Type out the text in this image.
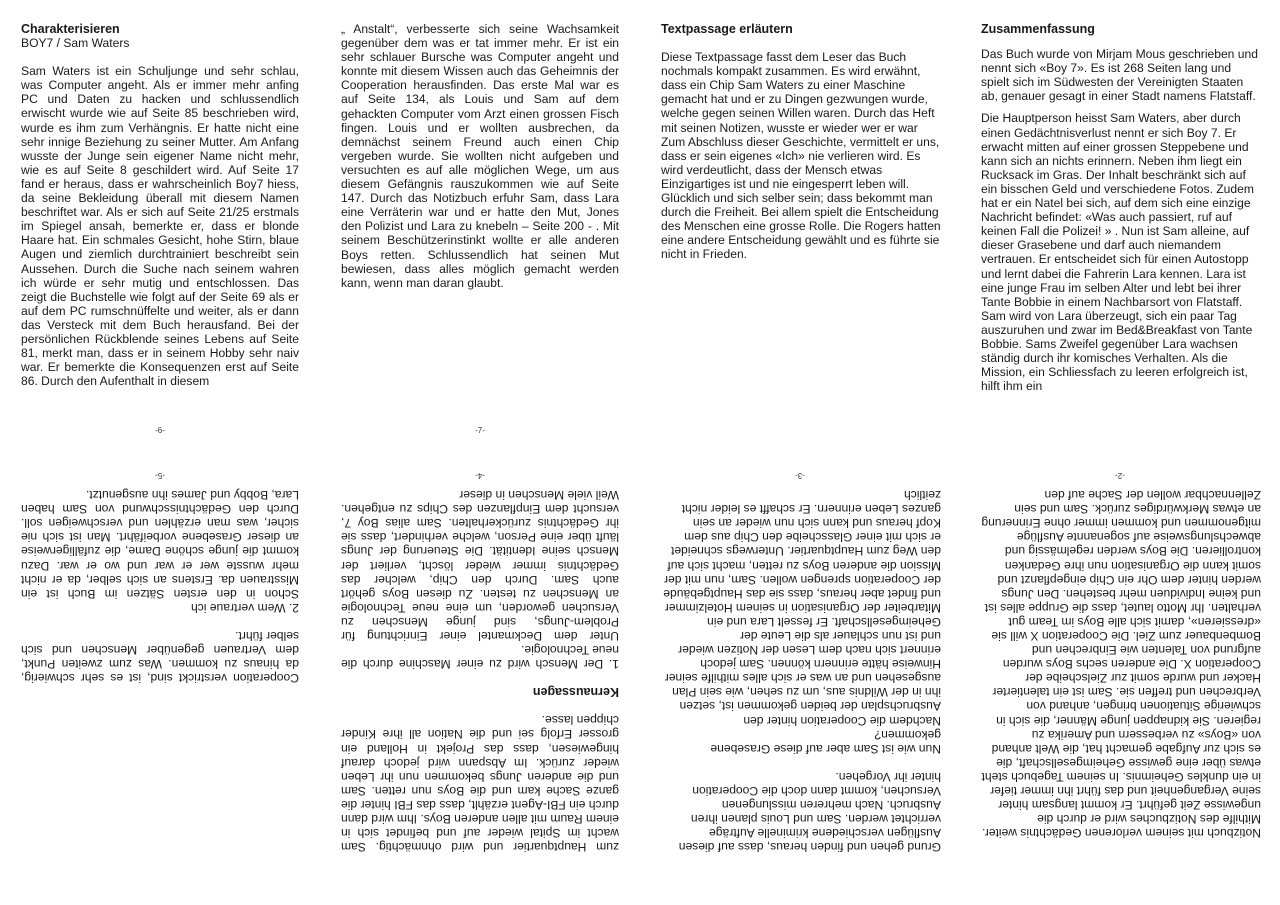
Charakterisieren
BOY7 / Sam Waters

Sam Waters ist ein Schuljunge und sehr schlau, was Computer angeht. Als er immer mehr anfing PC und Daten zu hacken und schlussendlich erwischt wurde wie auf Seite 85 beschrieben wird, wurde es ihm zum Verhängnis. Er hatte nicht eine sehr innige Beziehung zu seiner Mutter. Am Anfang wusste der Junge sein eigener Name nicht mehr, wie es auf Seite 8 geschildert wird. Auf Seite 17 fand er heraus, dass er wahrscheinlich Boy7 hiess, da seine Bekleidung überall mit diesem Namen beschriftet war. Als er sich auf Seite 21/25 erstmals im Spiegel ansah, bemerkte er, dass er blonde Haare hat. Ein schmales Gesicht, hohe Stirn, blaue Augen und ziemlich durchtrainiert beschreibt sein Aussehen. Durch die Suche nach seinem wahren ich würde er sehr mutig und entschlossen. Das zeigt die Buchstelle wie folgt auf der Seite 69 als er auf dem PC rumschnüffelte und weiter, als er dann das Versteck mit dem Buch herausfand. Bei der persönlichen Rückblende seines Lebens auf Seite 81, merkt man, dass er in seinem Hobby sehr naiv war. Er bemerkte die Konsequenzen erst auf Seite 86. Durch den Aufenthalt in diesem

-6-

„ Anstalt“, verbesserte sich seine Wachsamkeit gegenüber dem was er tat immer mehr. Er ist ein sehr schlauer Bursche was Computer angeht und konnte mit diesem Wissen auch das Geheimnis der Cooperation herausfinden. Das erste Mal war es auf Seite 134, als Louis und Sam auf dem gehackten Computer vom Arzt einen grossen Fisch fingen. Louis und er wollten ausbrechen, da demnächst seinem Freund auch einen Chip vergeben wurde. Sie wollten nicht aufgeben und versuchten es auf alle möglichen Wege, um aus diesem Gefängnis rauszukommen wie auf Seite 147. Durch das Notizbuch erfuhr Sam, dass Lara eine Verräterin war und er hatte den Mut, Jones den Polizist und Lara zu knebeln – Seite 200 - . Mit seinem Beschützerinstinkt wollte er alle anderen Boys retten. Schlussendlich hat seinen Mut bewiesen, dass alles möglich gemacht werden kann, wenn man daran glaubt.

-7-
Textpassage erläutern

Diese Textpassage fasst dem Leser das Buch nochmals kompakt zusammen. Es wird erwähnt, dass ein Chip Sam Waters zu einer Maschine gemacht hat und er zu Dingen gezwungen wurde, welche gegen seinen Willen waren. Durch das Heft mit seinen Notizen, wusste er wieder wer er war Zum Abschluss dieser Geschichte, vermittelt er uns, dass er sein eigenes «Ich» nie verlieren wird. Es wird verdeutlicht, dass der Mensch etwas Einzigartiges ist und nie eingesperrt leben will. Glücklich und sich selber sein; dass bekommt man durch die Freiheit. Bei allem spielt die Entscheidung des Menschen eine grosse Rolle. Die Rogers hatten eine andere Entscheidung gewählt und es führte sie nicht in Frieden.

Zusammenfassung

Das Buch wurde von Mirjam Mous geschrieben und nennt sich «Boy 7». Es ist 268 Seiten lang und spielt sich im Südwesten der Vereinigten Staaten ab, genauer gesagt in einer Stadt namens Flatstaff.

Die Hauptperson heisst Sam Waters, aber durch einen Gedächtnisverlust nennt er sich Boy 7. Er erwacht mitten auf einer grossen Steppebene und kann sich an nichts erinnern. Neben ihm liegt ein Rucksack im Gras. Der Inhalt beschränkt sich auf ein bisschen Geld und verschiedene Fotos. Zudem hat er ein Natel bei sich, auf dem sich eine einzige Nachricht befindet: «Was auch passiert, ruf auf keinen Fall die Polizei! » . Nun ist Sam alleine, auf dieser Grasebene und darf auch niemandem vertrauen. Er entscheidet sich für einen Autostopp und lernt dabei die Fahrerin Lara kennen. Lara ist eine junge Frau im selben Alter und lebt bei ihrer Tante Bobbie in einem Nachbarsort von Flatstaff. Sam wird von Lara überzeugt, sich ein paar Tag auszuruhen und zwar im Bed&Breakfast von Tante Bobbie. Sams Zweifel gegenüber Lara wachsen ständig durch ihr komisches Verhalten. Als die Mission, ein Schliessfach zu leeren erfolgreich ist, hilft ihm ein

-5-

Cooperation verstrickt sind, ist es sehr schwierig, da hinaus zu kommen. Was zum zweiten Punkt, dem Vertrauen gegenüber Menschen und sich selber führt.

2. Wem vertraue ich
Schon in den ersten Sätzen im Buch ist ein Misstrauen da. Erstens an sich selber, da er nicht mehr wusste wer er war und wo er war. Dazu kommt die junge schöne Dame, die zufälligerweise an dieser Grasebene vorbeifährt. Man ist sich nie sicher, was man erzählen und verschweigen soll. Durch den Gedächtnisschwund von Sam haben Lara, Bobby und James ihn ausgenutzt.

-4-

zum Hauptquartier und wird ohnmächtig. Sam wacht im Spital wieder auf und befindet sich in einem Raum mit allen anderen Boys. Ihm wird dann durch ein FBI-Agent erzählt, dass das FBI hinter die ganze Sache kam und die Boys nun retten. Sam und die anderen Jungs bekommen nun ihr Leben wieder zurück. Im Abspann wird jedoch darauf hingewiesen, dass das Projekt in Holland ein grosser Erfolg sei und die Nation all ihre Kinder chippen lasse.

Kernaussagen

1. Der Mensch wird zu einer Maschine durch die neue Technologie.
Unter dem Deckmantel einer Einrichtung für Problem-Jungs, sind junge Menschen zu Versuchen geworden, um eine neue Technologie an Menschen zu testen. Zu diesen Boys gehört auch Sam. Durch den Chip, welcher das Gedächtnis immer wieder löscht, verliert der Mensch seine Identität. Die Steuerung der Jungs läuft über eine Person, welche verhindert, dass sie ihr Gedächtnis zurückerhalten. Sam alias Boy 7, versucht dem Einpflanzen des Chips zu entgehen. Weil viele Menschen in dieser

-3-

Grund gehen und finden heraus, dass auf diesen Ausflügen verschiedene kriminelle Aufträge verrichtet werden. Sam und Louis planen ihren Ausbruch. Nach mehreren misslungenen Versuchen, kommt dann doch die Cooperation hinter ihr Vorgehen.

Nun wie ist Sam aber auf diese Grasebene gekommen?
Nachdem die Cooperation hinter den Ausbruchsplan der beiden gekommen ist, setzen ihn in der Wildnis aus, um zu sehen, wie sein Plan ausgesehen und an was er sich alles mithilfe seiner Hinweise hätte erinnern können. Sam jedoch erinnert sich nach dem Lesen der Notizen wieder und ist nun schlauer als die Leute der Geheimgesellschaft. Er fesselt Lara und ein Mitarbeiter der Organisation in seinem Hotelzimmer und findet aber heraus, dass sie das Hauptgebäude der Cooperation sprengen wollen. Sam, nun mit der Mission die anderen Boys zu retten, macht sich auf den Weg zum Hauptquartier. Unterwegs schneidet er sich mit einer Glasscheibe den Chip aus dem Kopf heraus und kann sich nun wieder an sein ganzes Leben erinnern. Er schafft es leider nicht zeitlich

-2-

Notizbuch mit seinem verlorenen Gedächtnis weiter. Mithilfe des Notizbuches wird er durch die ungewisse Zeit geführt. Er kommt langsam hinter seine Vergangenheit und das führt ihn immer tiefer in ein dunkles Geheimnis. In seinem Tagebuch steht etwas über eine gewisse Geheimgesellschaft, die es sich zur Aufgabe gemacht hat, die Welt anhand von «Boys» zu verbessern und Amerika zu regieren. Sie kidnappen junge Männer, die sich in schwierige Situationen bringen, anhand von Verbrechen und treffen sie. Sam ist ein talentierter Hacker und wurde somit zur Zielscheibe der Cooperation X. Die anderen sechs Boys wurden aufgrund von Talenten wie Einbrechen und Bombenbauer zum Ziel. Die Cooperation X will sie «dressieren», damit sich alle Boys im Team gut verhalten. Ihr Motto lautet, dass die Gruppe alles ist und keine Individuen mehr bestehen. Den Jungs werden hinter dem Ohr ein Chip eingepflanzt und somit kann die Organisation nun ihre Gedanken kontrollieren. Die Boys werden regelmässig und abwechslungsweise auf sogenannte Ausflüge mitgenommen und kommen immer ohne Erinnerung an etwas Merkwürdiges zurück. Sam und sein Zellennachbar wollen der Sache auf den
